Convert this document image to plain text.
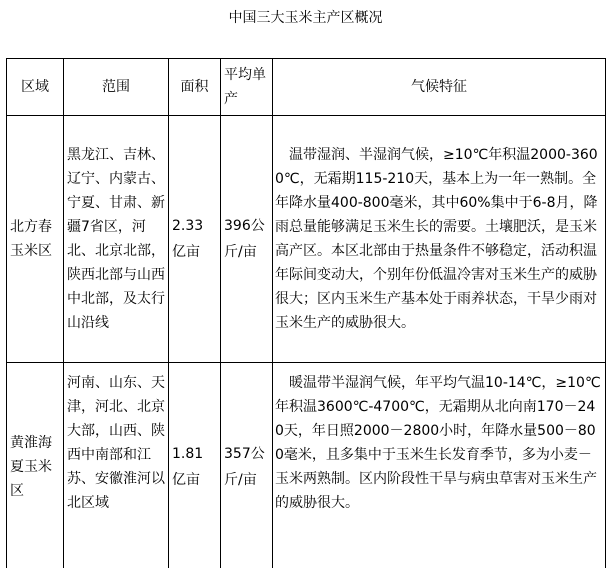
中国三大玉米主产区概况
区域	范围	面积	平均单产	气候特征
北方春玉米区	黑龙江、吉林、辽宁、内蒙古、宁夏、甘肃、新疆7省区，河北、北京北部，陕西北部与山西中北部，及太行山沿线	2.33亿亩	396公斤/亩	温带湿润、半湿润气候，≥10℃年积温2000-3600℃，无霜期115-210天，基本上为一年一熟制。全年降水量400-800毫米，其中60%集中于6-8月，降雨总量能够满足玉米生长的需要。土壤肥沃，是玉米高产区。本区北部由于热量条件不够稳定，活动积温年际间变动大，个别年份低温冷害对玉米生产的威胁很大；区内玉米生产基本处于雨养状态，干旱少雨对玉米生产的威胁很大。
黄淮海夏玉米区	河南、山东、天津，河北、北京大部，山西、陕西中南部和江苏、安徽淮河以北区域	1.81亿亩	357公斤/亩	暖温带半湿润气候，年平均气温10-14℃，≥10℃年积温3600℃-4700℃，无霜期从北向南170－240天，年日照2000－2800小时，年降水量500－800毫米，且多集中于玉米生长发育季节，多为小麦－玉米两熟制。区内阶段性干旱与病虫草害对玉米生产的威胁很大。
